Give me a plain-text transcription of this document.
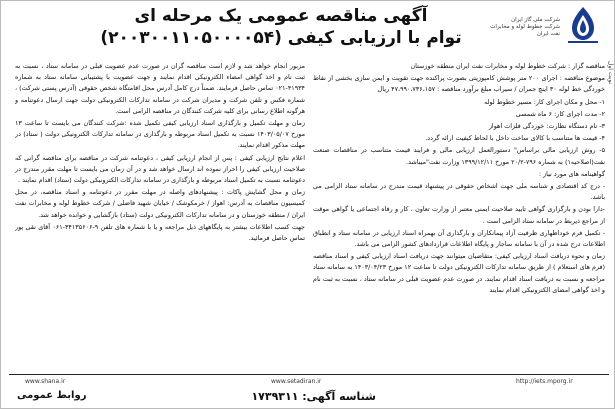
آگهی مناقصه عمومی یک مرحله ای
توام با ارزیابی کیفی (۲۰۰۳۰۰۱۱۰۵۰۰۰۰۵۴)
شرکت ملی گاز ایران
شرکت خطوط لوله و مخابرات نفت ایران
نوبت اول

مناقصه گزار : شرکت خطوط لوله و مخابرات نفت ایران منطقه خوزستان

موضوع مناقصه : اجرای ۲۰۰ متر پوشش کامپوزیتی بصورت پراکنده جهت تقویت و ایمن سازی بخشی از نقاط خوردگی خط لوله ۳۰ اینچ جمران / سیراب مبلغ برآورد مناقصه : ۴۷،۹۹۰،۷۳۶،۱۵۷ ریال

۱- محل و مکان اجرای کار: مسیر خطوط لوله

۲- مدت اجرای کار: ۶ ماه شمسی

۳- نام دستگاه نظارت: خوردگی فلزات اهواز

۴- قیمت ها متناسب با کالای ساخت داخل با لحاظ کیفیت ارائه گردد.

۵- روش ارزیابی مالی براساس" دستورالعمل ارزیابی مالی و فرایند قیمت متناسب در مناقصات صنعت نفت(اصلاحیه۱) به شماره ۷۹۶-۲۰/۲ مورخ ۱۳۹۹/۱۲/۱۱ وزارت نفت"میباشد.

گواهینامه های مورد نیاز :

- درج کد اقتصادی و شناسه ملی جهت اشخاص حقوقی در پیشنهاد قیمت مندرج در سامانه ستاد الزامی می باشد.

-دارا بودن و بارگزاری گواهی تایید صلاحیت ایمنی معتبر از وزارت تعاون ، کار و رفاه اجتماعی یا گواهی موقت از مراجع ذیربط در سامانه ستاد الزامی است .

- تکمیل فرم خوداظهاری ظرفیت آزاد پیمانکاران و بارگذاری آن بهمراه اسناد ارزیابی در سامانه ستاد و انطباق اطلاعات درج شده در آن با سامانه ساجار و پایگاه اطلاعات قراردادهای کشور الزامی می باشد.

زمان و نحوه دریافت اسناد ارزیابی کیفی: متقاضیان میتوانند جهت دریافت اسناد ارزیابی کیفی و اسناد مناقصه (فرم های استعلام ) از طریق سامانه تدارکات الکترونیکی دولت تا ساعت ۱۲ مورخ ۱۴۰۳/۰۴/۲۳ به سامانه ستاد مراجعه و نسبت به دریافت اسناد اقدام نمایند. در صورت عدم عضویت قبلی در سامانه ستاد ، نسبت به ثبت نام و اخذ گواهی امضای الکترونیکی اقدام نمایند

مزبور انجام خواهد شد و لازم است مناقصه گران در صورت عدم عضویت قبلی در سامانه ستاد ، نسبت به ثبت نام و اخذ گواهی امضاء الکترونیکی اقدام نمایند و جهت عضویت با پشتیبانی سامانه ستاد به شماره ۴۱۹۳۴-۰۲۱ تماس حاصل فرمایند. ضمناً درج کامل آدرس محل اقامتگاه شخص حقوقی (آدرس پستی شرکت) ، شماره فکس و تلفن شرکت و مدیران شرکت در سامانه تدارکات الکترونیکی دولت جهت ارسال دعوتنامه و هرگونه اطلاع رسانی برای کلیه شرکت کنندگان در مناقصه الزامی است.

زمان و مهلت تکمیل و بارگذاری اسناد ارزیابی کیفی تکمیل شده :شرکت کنندگان می بایست تا ساعت ۱۳ مورخ ۱۴۰۳/۰۵/۰۷ نسبت به تکمیل اسناد مربوطه و بارگذاری در سامانه تدارکات الکترونیکی دولت ( ستاد) در مهلت مذکور اقدام نمایند.

اعلام نتایج ارزیابی کیفی : پس از انجام ارزیابی کیفی ، دعوتنامه شرکت در مناقصه برای مناقصه گرانی که صلاحیت ارزیابی کیفی را احراز نموده اند ارسال خواهد شد و در آن زمان می بایست تا مهلت مقرر مندرج در دعوتنامه نسبت به تکمیل اسناد مربوطه و بارگذاری در سامانه تدارکات الکترونیکی دولت (ستاد) اقدام نمایند .

زمان و محل گشایش پاکات : پیشنهادهای واصله در مهلت مقرر در دعوتنامه و اسناد مناقصه، در محل کمیسیون مناقصات به آدرس: اهواز / خرمکوشک / خیابان شهید فاضلی / شرکت خطوط لوله و مخابرات نفت ایران / منطقه خوزستان و در سامانه تدارکات الکترونیکی دولت (ستاد) بازگشایی و خوانده خواهد شد.

جهت کسب اطلاعات بیشتر به پایگاههای ذیل مراجعه و یا با شماره های تلفن ۹-۳۴۱۳۵۶۰۶-۰۶۱ آقای نقی پور تماس حاصل فرمائید.

www.shana.ir	www.setadiran.ir	http://iets.mporg.ir
شناسه آگهی: ۱۷۳۹۳۱۱
روابط عمومی
